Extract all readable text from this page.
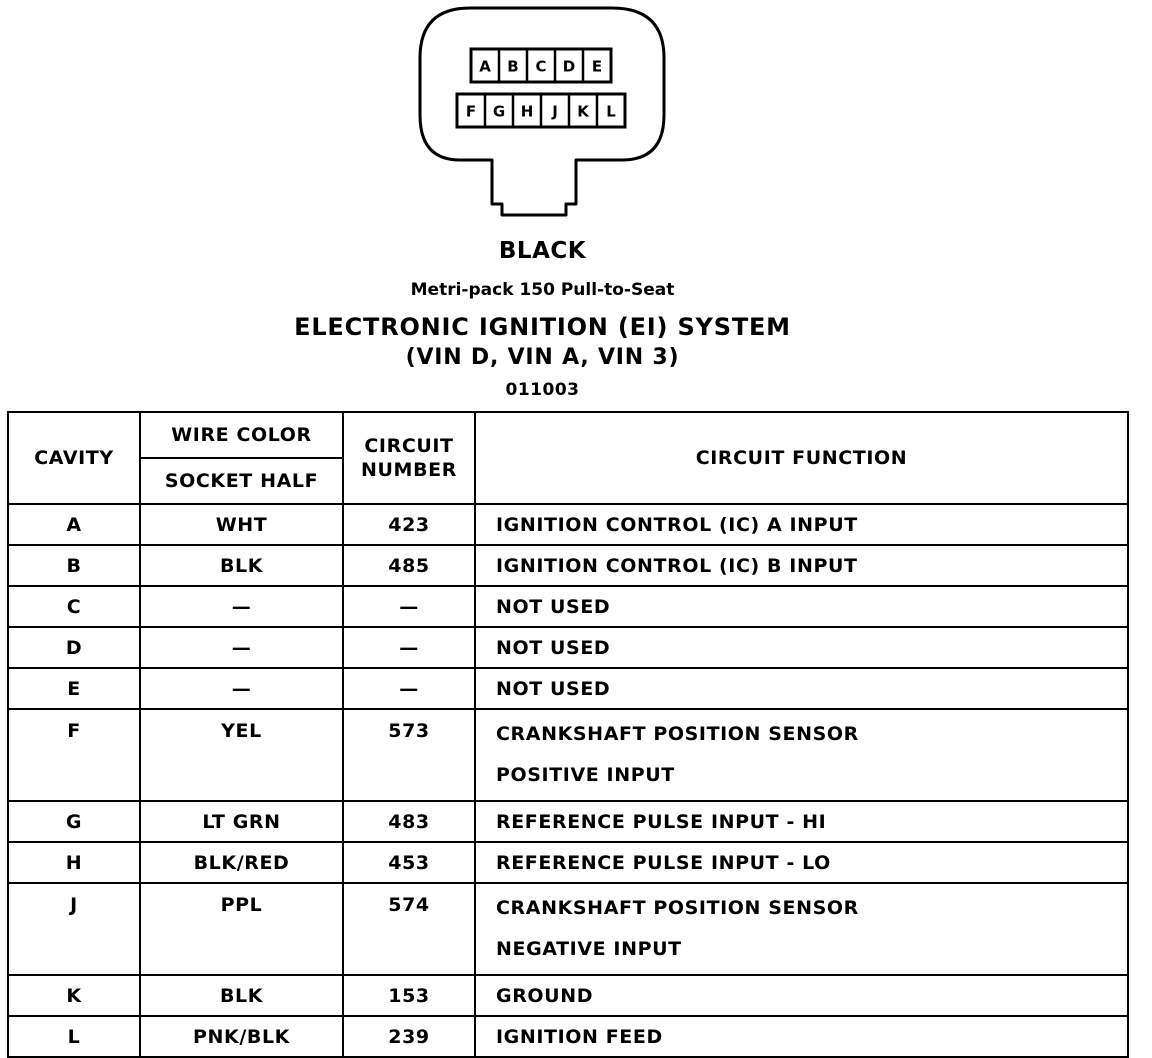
A B C D E
F G H J K L
BLACK
Metri-pack 150 Pull-to-Seat
ELECTRONIC IGNITION (EI) SYSTEM
(VIN D, VIN A, VIN 3)
011003
CAVITY	WIRE COLOR	CIRCUIT NUMBER	CIRCUIT FUNCTION
	SOCKET HALF		
A	WHT	423	IGNITION CONTROL (IC) A INPUT
B	BLK	485	IGNITION CONTROL (IC) B INPUT
C	—	—	NOT USED
D	—	—	NOT USED
E	—	—	NOT USED
F	YEL	573	CRANKSHAFT POSITION SENSOR
POSITIVE INPUT

G	LT GRN	483	REFERENCE PULSE INPUT - HI
H	BLK/RED	453	REFERENCE PULSE INPUT - LO
J	PPL	574	CRANKSHAFT POSITION SENSOR
NEGATIVE INPUT

K	BLK	153	GROUND
L	PNK/BLK	239	IGNITION FEED
